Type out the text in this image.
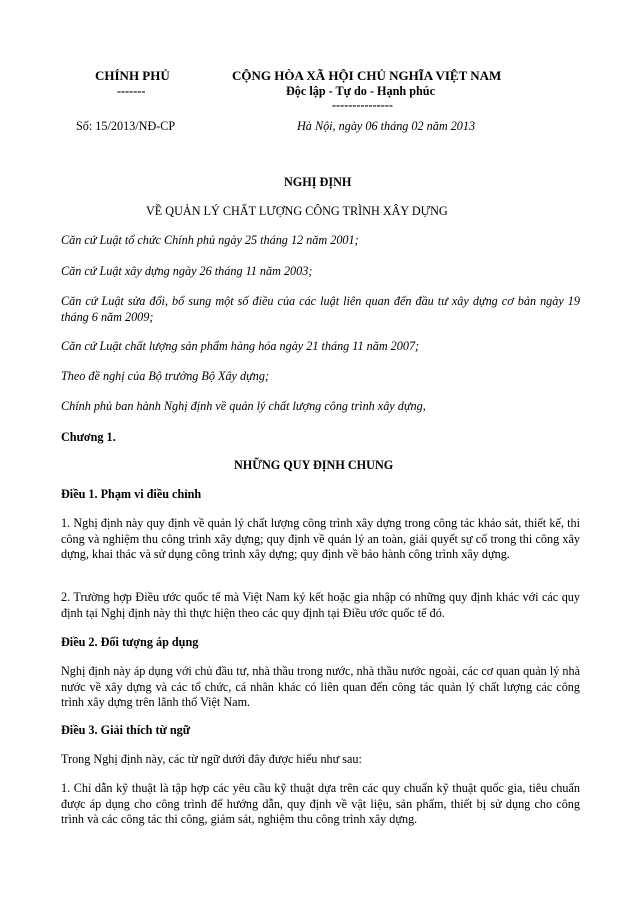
CHÍNH PHỦ
-------
CỘNG HÒA XÃ HỘI CHỦ NGHĨA VIỆT NAM
Độc lập - Tự do - Hạnh phúc
---------------
Số: 15/2013/NĐ-CP	Hà Nội, ngày 06 tháng 02 năm 2013
NGHỊ ĐỊNH
VỀ QUẢN LÝ CHẤT LƯỢNG CÔNG TRÌNH XÂY DỰNG
Căn cứ Luật tổ chức Chính phủ ngày 25 tháng 12 năm 2001;
Căn cứ Luật xây dựng ngày 26 tháng 11 năm 2003;
Căn cứ Luật sửa đổi, bổ sung một số điều của các luật liên quan đến đầu tư xây dựng cơ bản ngày 19 tháng 6 năm 2009;
Căn cứ Luật chất lượng sản phẩm hàng hóa ngày 21 tháng 11 năm 2007;
Theo đề nghị của Bộ trưởng Bộ Xây dựng;
Chính phủ ban hành Nghị định về quản lý chất lượng công trình xây dựng,
Chương 1.
NHỮNG QUY ĐỊNH CHUNG
Điều 1. Phạm vi điều chỉnh
1. Nghị định này quy định về quản lý chất lượng công trình xây dựng trong công tác khảo sát, thiết kế, thi công và nghiệm thu công trình xây dựng; quy định về quản lý an toàn, giải quyết sự cố trong thi công xây dựng, khai thác và sử dụng công trình xây dựng; quy định về bảo hành công trình xây dựng.
2. Trường hợp Điều ước quốc tế mà Việt Nam ký kết hoặc gia nhập có những quy định khác với các quy định tại Nghị định này thì thực hiện theo các quy định tại Điều ước quốc tế đó.
Điều 2. Đối tượng áp dụng
Nghị định này áp dụng với chủ đầu tư, nhà thầu trong nước, nhà thầu nước ngoài, các cơ quan quản lý nhà nước về xây dựng và các tổ chức, cá nhân khác có liên quan đến công tác quản lý chất lượng các công trình xây dựng trên lãnh thổ Việt Nam.
Điều 3. Giải thích từ ngữ
Trong Nghị định này, các từ ngữ dưới đây được hiểu như sau:
1. Chỉ dẫn kỹ thuật là tập hợp các yêu cầu kỹ thuật dựa trên các quy chuẩn kỹ thuật quốc gia, tiêu chuẩn được áp dụng cho công trình để hướng dẫn, quy định về vật liệu, sản phẩm, thiết bị sử dụng cho công trình và các công tác thi công, giám sát, nghiệm thu công trình xây dựng.
